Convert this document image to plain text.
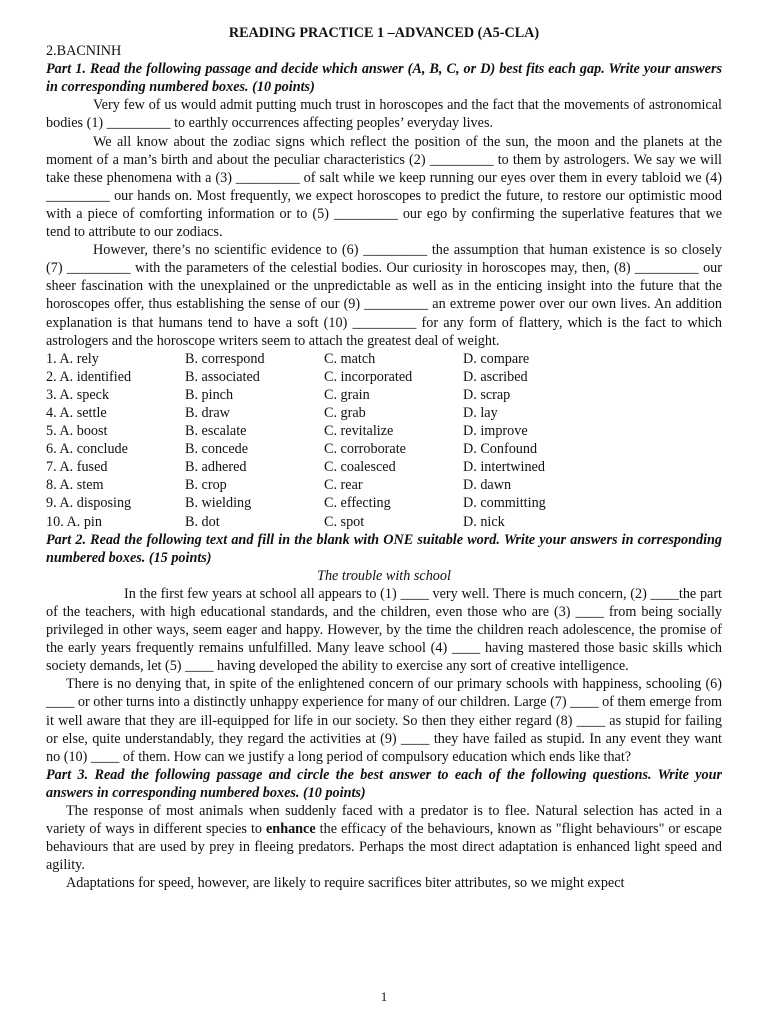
READING PRACTICE 1 –ADVANCED (A5-CLA)
2.BACNINH
Part 1. Read the following passage and decide which answer (A, B, C, or D) best fits each gap. Write your answers in corresponding numbered boxes. (10 points)

Very few of us would admit putting much trust in horoscopes and the fact that the movements of astronomical bodies (1) _________ to earthly occurrences affecting peoples’ everyday lives.

We all know about the zodiac signs which reflect the position of the sun, the moon and the planets at the moment of a man’s birth and about the peculiar characteristics (2) _________ to them by astrologers. We say we will take these phenomena with a (3) _________ of salt while we keep running our eyes over them in every tabloid we (4) _________ our hands on. Most frequently, we expect horoscopes to predict the future, to restore our optimistic mood with a piece of comforting information or to (5) _________ our ego by confirming the superlative features that we tend to attribute to our zodiacs.

However, there’s no scientific evidence to (6) _________ the assumption that human existence is so closely (7) _________ with the parameters of the celestial bodies. Our curiosity in horoscopes may, then, (8) _________ our sheer fascination with the unexplained or the unpredictable as well as in the enticing insight into the future that the horoscopes offer, thus establishing the sense of our (9) _________ an extreme power over our own lives. An addition explanation is that humans tend to have a soft (10) _________ for any form of flattery, which is the fact to which astrologers and the horoscope writers seem to attach the greatest deal of weight.

1. A. rely	B. correspond	C. match	D. compare
2. A. identified	B. associated	C. incorporated	D. ascribed
3. A. speck	B. pinch	C. grain	D. scrap
4. A. settle	B. draw	C. grab	D. lay
5. A. boost	B. escalate	C. revitalize	D. improve
6. A. conclude	B. concede	C. corroborate	D. Confound
7. A. fused	B. adhered	C. coalesced	D. intertwined
8. A. stem	B. crop	C. rear	D. dawn
9. A. disposing	B. wielding	C. effecting	D. committing
10. A. pin	B. dot	C. spot	D. nick
Part 2. Read the following text and fill in the blank with ONE suitable word. Write your answers in corresponding numbered boxes. (15 points)
The trouble with school

In the first few years at school all appears to (1) ____ very well. There is much concern, (2) ____the part of the teachers, with high educational standards, and the children, even those who are (3) ____ from being socially privileged in other ways, seem eager and happy. However, by the time the children reach adolescence, the promise of the early years frequently remains unfulfilled. Many leave school (4) ____ having mastered those basic skills which society demands, let (5) ____ having developed the ability to exercise any sort of creative intelligence.

There is no denying that, in spite of the enlightened concern of our primary schools with happiness, schooling (6) ____ or other turns into a distinctly unhappy experience for many of our children. Large (7) ____ of them emerge from it well aware that they are ill-equipped for life in our society. So then they either regard (8) ____ as stupid for failing or else, quite understandably, they regard the activities at (9) ____ they have failed as stupid. In any event they want no (10) ____ of them. How can we justify a long period of compulsory education which ends like that?

Part 3. Read the following passage and circle the best answer to each of the following questions. Write your answers in corresponding numbered boxes. (10 points)

The response of most animals when suddenly faced with a predator is to flee. Natural selection has acted in a variety of ways in different species to enhance the efficacy of the behaviours, known as "flight behaviours" or escape behaviours that are used by prey in fleeing predators. Perhaps the most direct adaptation is enhanced light speed and agility.

Adaptations for speed, however, are likely to require sacrifices biter attributes, so we might expect

1
